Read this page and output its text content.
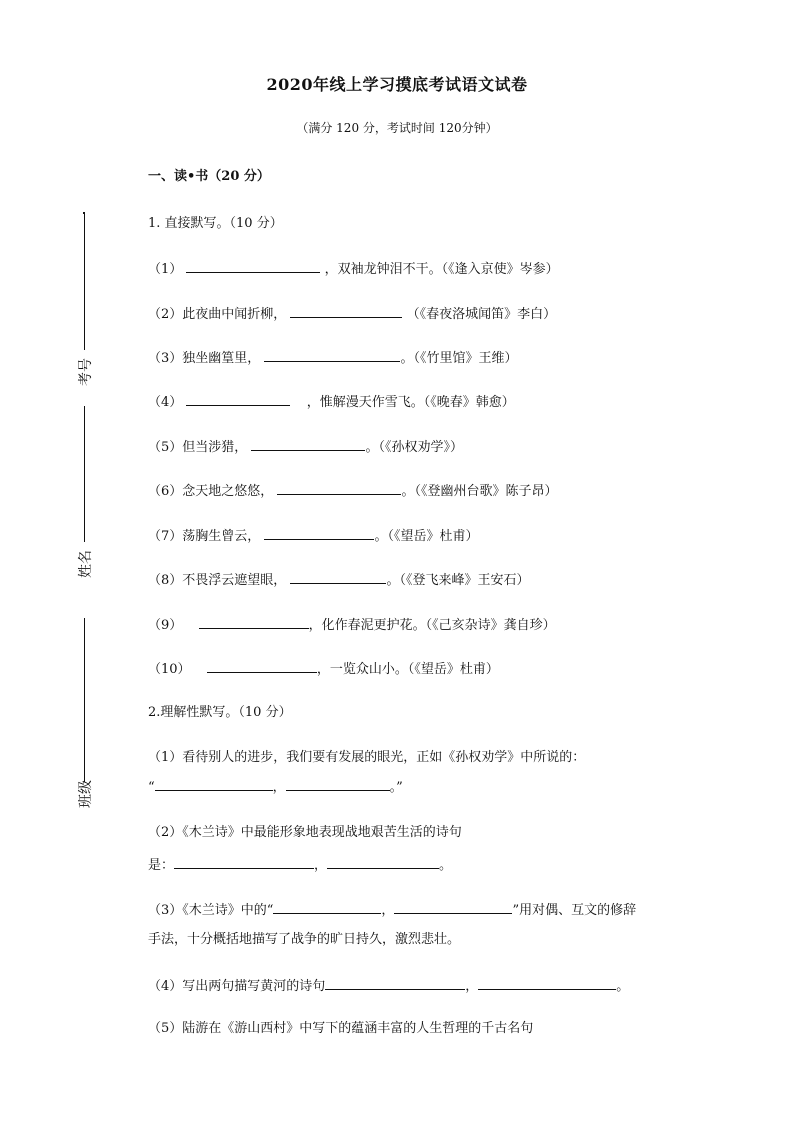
2020年线上学习摸底考试语文试卷
（满分 120 分，考试时间 120分钟）
考号
姓名
班级
一、读•书（20 分）
1. 直接默写。（10 分）
（1）	，双袖龙钟泪不干。（《逢入京使》岑参）
（2）此夜曲中闻折柳，	（《春夜洛城闻笛》李白）
（3）独坐幽篁里，	。（《竹里馆》王维）
（4）	，惟解漫天作雪飞。（《晚春》韩愈）
（5）但当涉猎，	。（《孙权劝学》）
（6）念天地之悠悠，	。（《登幽州台歌》陈子昂）
（7）荡胸生曾云，	。（《望岳》杜甫）
（8）不畏浮云遮望眼，	。（《登飞来峰》王安石）
（9）	，化作春泥更护花。（《己亥杂诗》龚自珍）
（10）	，一览众山小。（《望岳》杜甫）
2.理解性默写。（10 分）
（1）看待别人的进步，我们要有发展的眼光，正如《孙权劝学》中所说的：
“	，	。”
（2）《木兰诗》中最能形象地表现战地艰苦生活的诗句
是：	，	。
（3）《木兰诗》中的“	，	”用对偶、互文的修辞
手法，十分概括地描写了战争的旷日持久，激烈悲壮。
（4）写出两句描写黄河的诗句	，	。
（5）陆游在《游山西村》中写下的蕴涵丰富的人生哲理的千古名句
